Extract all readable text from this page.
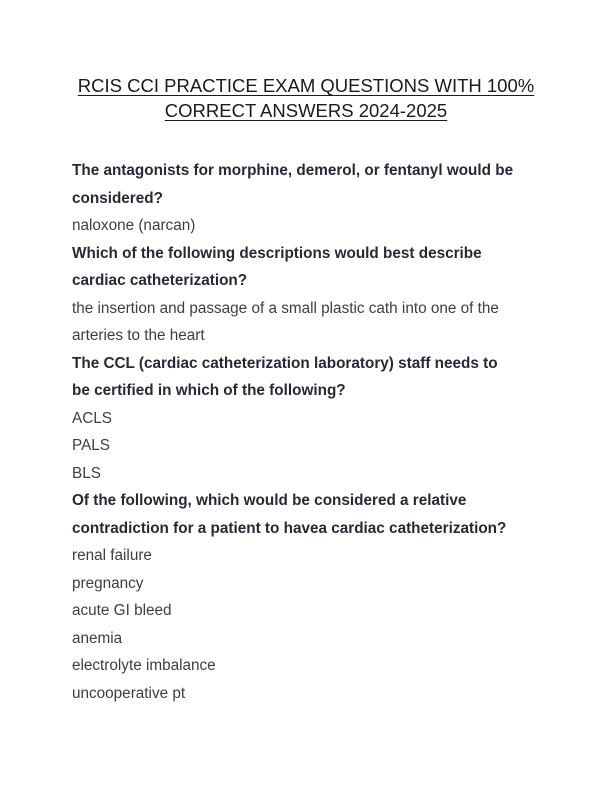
RCIS CCI PRACTICE EXAM QUESTIONS WITH 100%
CORRECT ANSWERS 2024-2025
The antagonists for morphine, demerol, or fentanyl would be
considered?
naloxone (narcan)
Which of the following descriptions would best describe
cardiac catheterization?
the insertion and passage of a small plastic cath into one of the
arteries to the heart
The CCL (cardiac catheterization laboratory) staff needs to
be certified in which of the following?
ACLS
PALS
BLS
Of the following, which would be considered a relative
contradiction for a patient to havea cardiac catheterization?
renal failure
pregnancy
acute GI bleed
anemia
electrolyte imbalance
uncooperative pt
